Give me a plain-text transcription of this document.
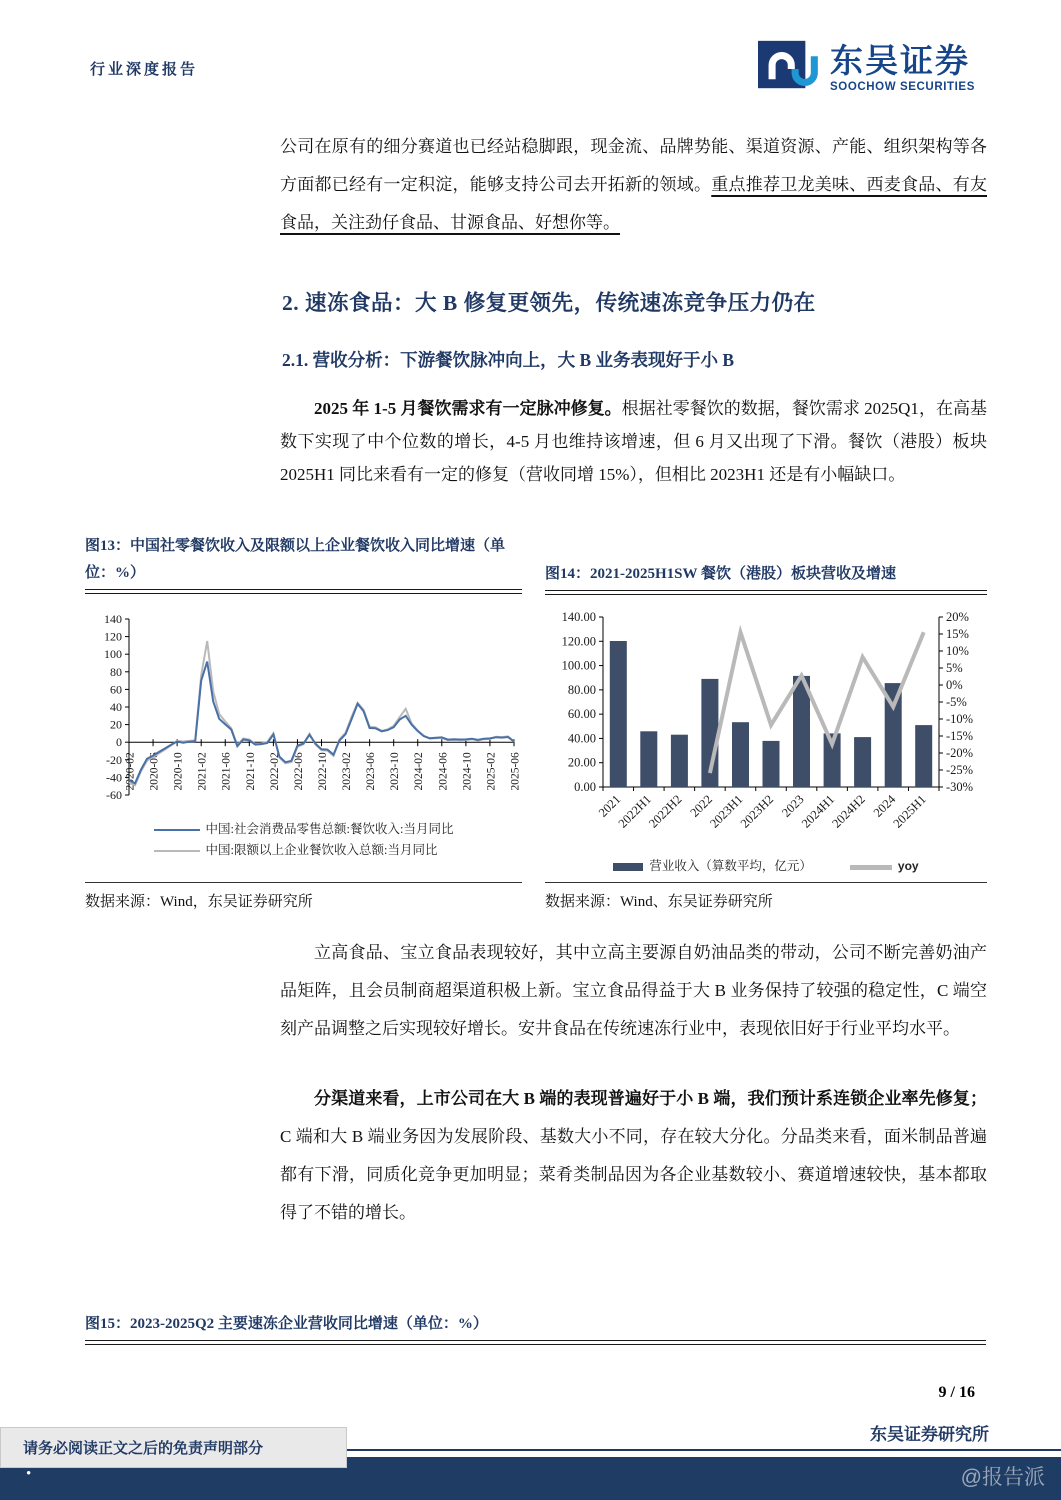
行业深度报告	东吴证券
SOOCHOW SECURITIES

公司在原有的细分赛道也已经站稳脚跟，现金流、品牌势能、渠道资源、产能、组织架构等各方面都已经有一定积淀，能够支持公司去开拓新的领域。重点推荐卫龙美味、西麦食品、有友食品，关注劲仔食品、甘源食品、好想你等。

2. 速冻食品：大 B 修复更领先，传统速冻竞争压力仍在
2.1. 营收分析：下游餐饮脉冲向上，大 B 业务表现好于小 B

2025 年 1-5 月餐饮需求有一定脉冲修复。根据社零餐饮的数据，餐饮需求 2025Q1，在高基数下实现了中个位数的增长，4-5 月也维持该增速，但 6 月又出现了下滑。餐饮（港股）板块 2025H1 同比来看有一定的修复（营收同增 15%），但相比 2023H1 还是有小幅缺口。

图13：中国社零餐饮收入及限额以上企业餐饮收入同比增速（单位：%）
140
120
100
80
60
40
20
0
-20
-40
-60
2020-02 2020-06 2020-10 2021-02 2021-06 2021-10 2022-02 2022-06 2022-10 2023-02 2023-06 2023-10 2024-02 2024-06 2024-10 2025-02 2025-06
中国:社会消费品零售总额:餐饮收入:当月同比
中国:限额以上企业餐饮收入总额:当月同比
数据来源：Wind，东吴证券研究所
图14：2021-2025H1SW 餐饮（港股）板块营收及增速
140.00
120.00
100.00
80.00
60.00
40.00
20.00
0.00
20%
15%
10%
5%
0%
-5%
-10%
-15%
-20%
-25%
-30%
2021
2022H1
2022H2 2022
2023H1
2023H2 2023
2024H1
2024H2 2024
2025H1
营业收入（算数平均，亿元）	yoy
数据来源：Wind、东吴证券研究所

立高食品、宝立食品表现较好，其中立高主要源自奶油品类的带动，公司不断完善奶油产品矩阵，且会员制商超渠道积极上新。宝立食品得益于大 B 业务保持了较强的稳定性，C 端空刻产品调整之后实现较好增长。安井食品在传统速冻行业中，表现依旧好于行业平均水平。

分渠道来看，上市公司在大 B 端的表现普遍好于小 B 端，我们预计系连锁企业率先修复；C 端和大 B 端业务因为发展阶段、基数大小不同，存在较大分化。分品类来看，面米制品普遍都有下滑，同质化竞争更加明显；菜肴类制品因为各企业基数较小、赛道增速较快，基本都取得了不错的增长。

图15：2023-2025Q2 主要速冻企业营收同比增速（单位：%）
9 / 16
东吴证券研究所
请务必阅读正文之后的免责声明部分
•	@报告派
